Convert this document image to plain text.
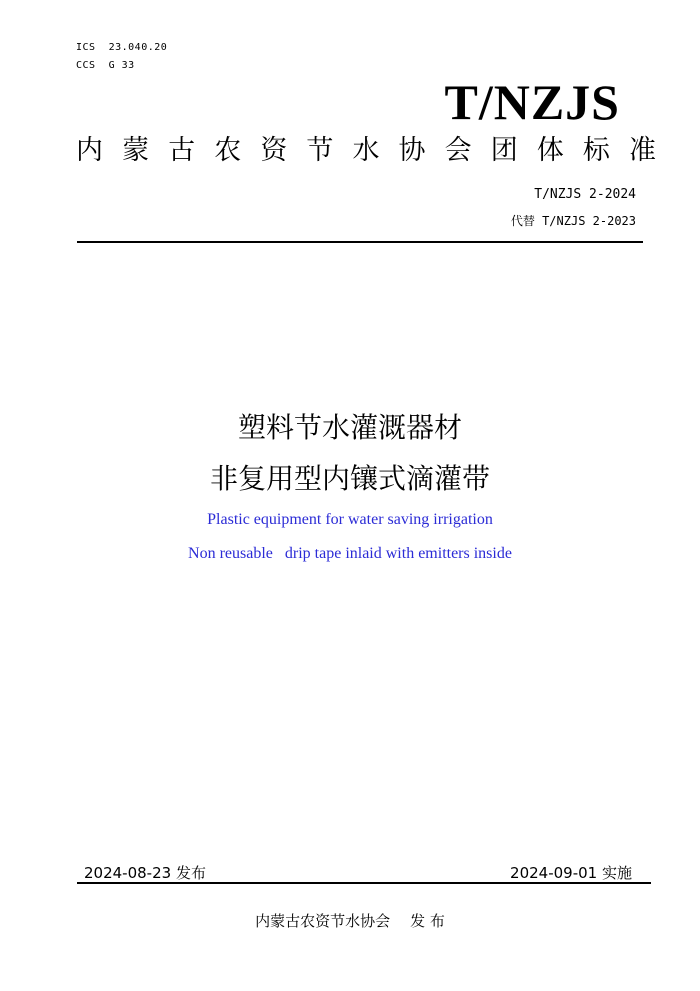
ICS  23.040.20
CCS  G 33
T/NZJS
内 蒙 古 农 资 节 水 协 会 团 体 标 准
T/NZJS 2-2024
代替 T/NZJS 2-2023
塑料节水灌溉器材
非复用型内镶式滴灌带
Plastic equipment for water saving irrigation
Non reusable   drip tape inlaid with emitters inside
2024-08-23 发布	2024-09-01 实施
内蒙古农资节水协会 发 布
